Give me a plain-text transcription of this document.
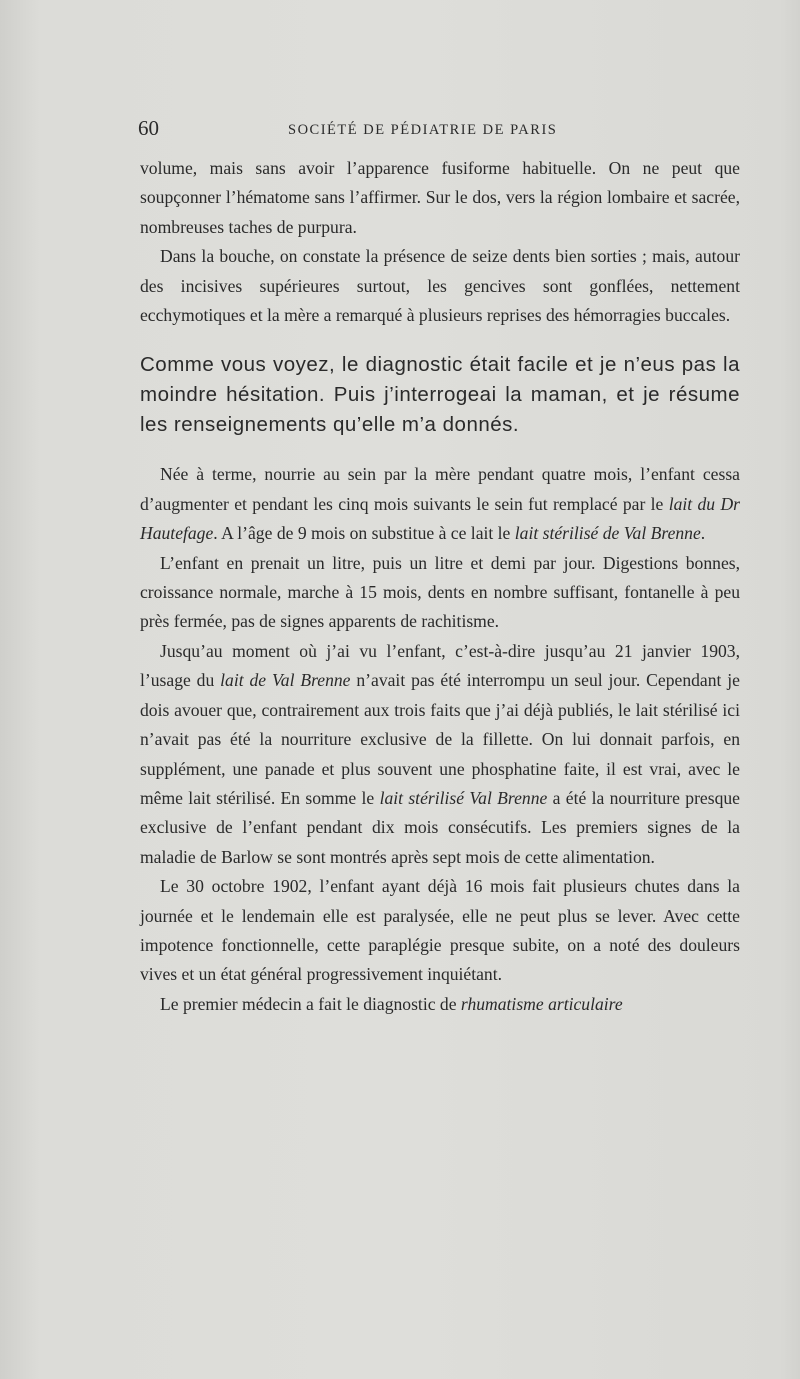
60	SOCIÉTÉ DE PÉDIATRIE DE PARIS

volume, mais sans avoir l’apparence fusiforme habituelle. On ne peut que soupçonner l’hématome sans l’affirmer. Sur le dos, vers la région lombaire et sacrée, nombreuses taches de purpura.

Dans la bouche, on constate la présence de seize dents bien sorties ; mais, autour des incisives supérieures surtout, les gencives sont gonflées, nettement ecchymotiques et la mère a remarqué à plusieurs reprises des hémorragies buccales.

Comme vous voyez, le diagnostic était facile et je n’eus pas la moindre hésitation. Puis j’interrogeai la maman, et je résume les renseignements qu’elle m’a donnés.

Née à terme, nourrie au sein par la mère pendant quatre mois, l’enfant cessa d’augmenter et pendant les cinq mois suivants le sein fut remplacé par le lait du Dr Hautefage. A l’âge de 9 mois on substitue à ce lait le lait stérilisé de Val Brenne.

L’enfant en prenait un litre, puis un litre et demi par jour. Digestions bonnes, croissance normale, marche à 15 mois, dents en nombre suffisant, fontanelle à peu près fermée, pas de signes apparents de rachitisme.

Jusqu’au moment où j’ai vu l’enfant, c’est-à-dire jusqu’au 21 janvier 1903, l’usage du lait de Val Brenne n’avait pas été interrompu un seul jour. Cependant je dois avouer que, contrairement aux trois faits que j’ai déjà publiés, le lait stérilisé ici n’avait pas été la nourriture exclusive de la fillette. On lui donnait parfois, en supplément, une panade et plus souvent une phosphatine faite, il est vrai, avec le même lait stérilisé. En somme le lait stérilisé Val Brenne a été la nourriture presque exclusive de l’enfant pendant dix mois consécutifs. Les premiers signes de la maladie de Barlow se sont montrés après sept mois de cette alimentation.

Le 30 octobre 1902, l’enfant ayant déjà 16 mois fait plusieurs chutes dans la journée et le lendemain elle est paralysée, elle ne peut plus se lever. Avec cette impotence fonctionnelle, cette paraplégie presque subite, on a noté des douleurs vives et un état général progressivement inquiétant.

Le premier médecin a fait le diagnostic de rhumatisme articulaire
